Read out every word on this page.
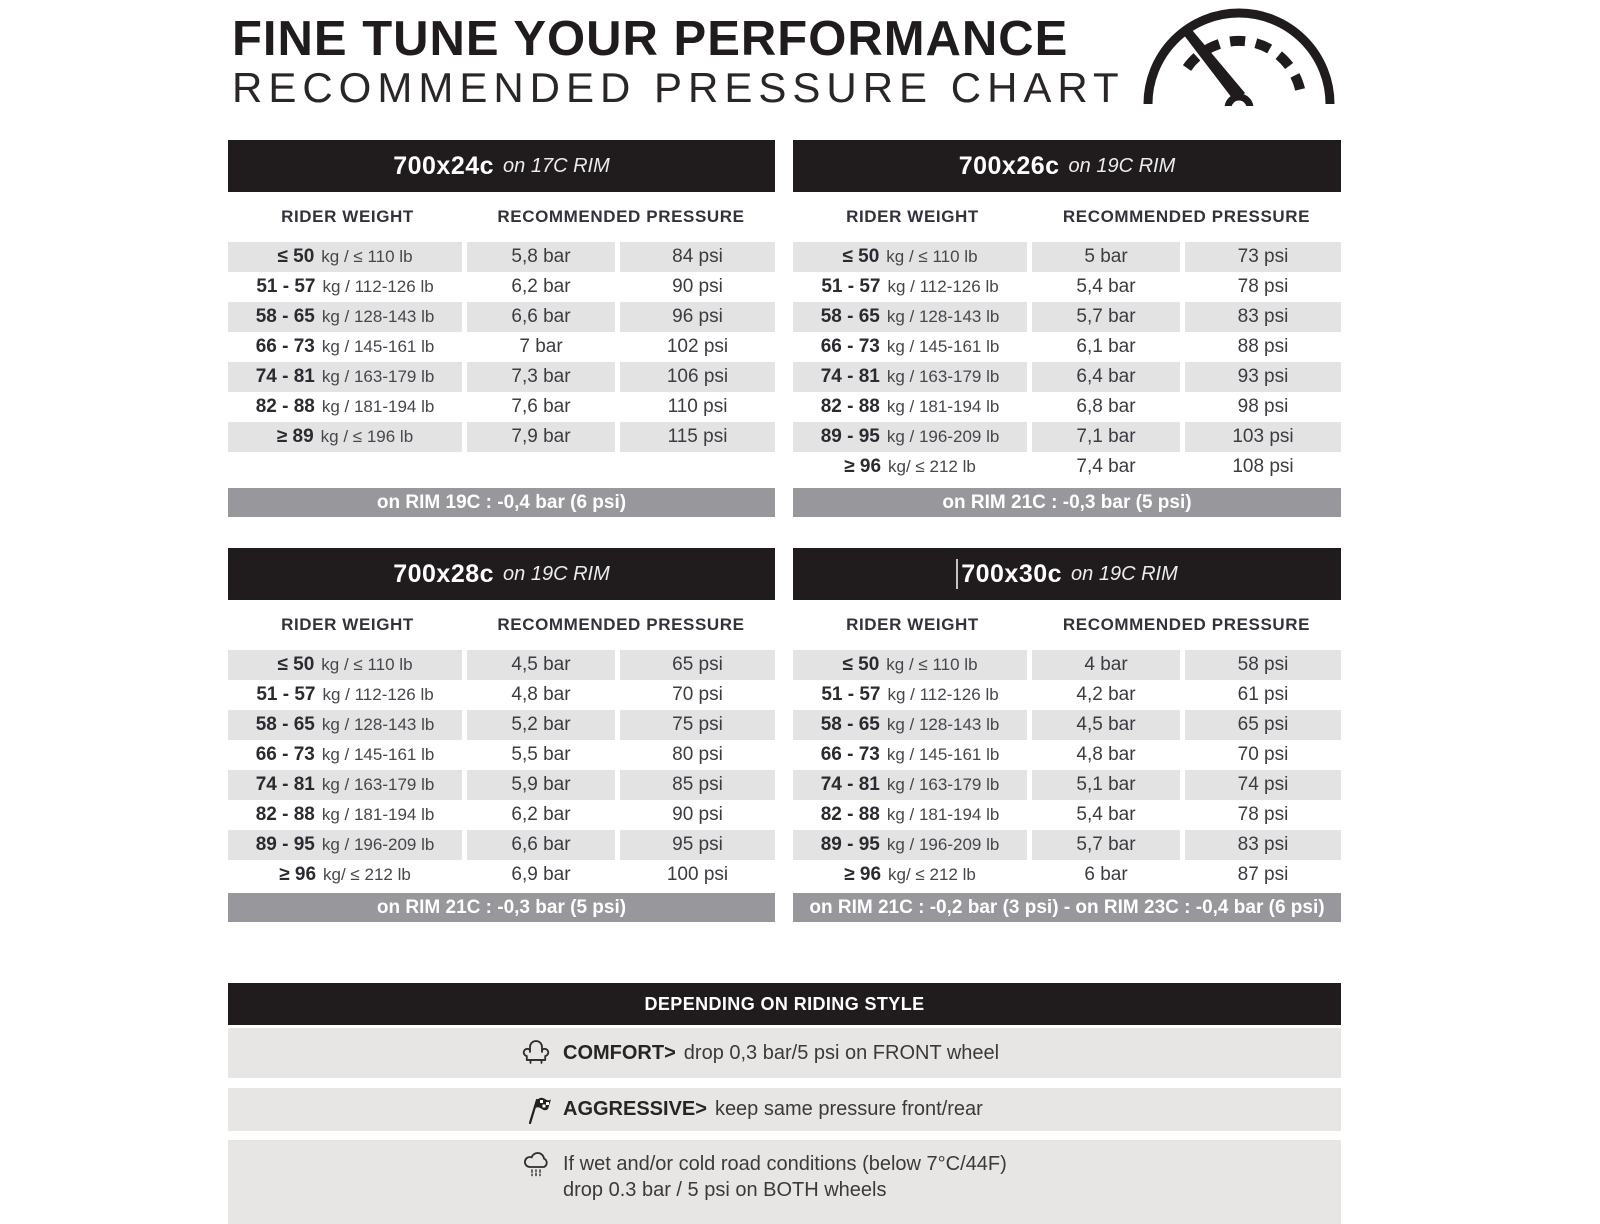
FINE TUNE YOUR PERFORMANCE
RECOMMENDED PRESSURE CHART
700x24c on 17C RIM
RIDER WEIGHT	RECOMMENDED PRESSURE
≤ 50 kg / ≤ 110 lb	5,8 bar	84 psi
51 - 57 kg / 112-126 lb	6,2 bar	90 psi
58 - 65 kg / 128-143 lb	6,6 bar	96 psi
66 - 73 kg / 145-161 lb	7 bar	102 psi
74 - 81 kg / 163-179 lb	7,3 bar	106 psi
82 - 88 kg / 181-194 lb	7,6 bar	110 psi
≥ 89 kg / ≤ 196 lb	7,9 bar	115 psi
on RIM 19C : -0,4 bar (6 psi)
700x26c on 19C RIM
RIDER WEIGHT	RECOMMENDED PRESSURE
≤ 50 kg / ≤ 110 lb	5 bar	73 psi
51 - 57 kg / 112-126 lb	5,4 bar	78 psi
58 - 65 kg / 128-143 lb	5,7 bar	83 psi
66 - 73 kg / 145-161 lb	6,1 bar	88 psi
74 - 81 kg / 163-179 lb	6,4 bar	93 psi
82 - 88 kg / 181-194 lb	6,8 bar	98 psi
89 - 95 kg / 196-209 lb	7,1 bar	103 psi
≥ 96 kg/ ≤ 212 lb	7,4 bar	108 psi
on RIM 21C : -0,3 bar (5 psi)
700x28c on 19C RIM
RIDER WEIGHT	RECOMMENDED PRESSURE
≤ 50 kg / ≤ 110 lb	4,5 bar	65 psi
51 - 57 kg / 112-126 lb	4,8 bar	70 psi
58 - 65 kg / 128-143 lb	5,2 bar	75 psi
66 - 73 kg / 145-161 lb	5,5 bar	80 psi
74 - 81 kg / 163-179 lb	5,9 bar	85 psi
82 - 88 kg / 181-194 lb	6,2 bar	90 psi
89 - 95 kg / 196-209 lb	6,6 bar	95 psi
≥ 96 kg/ ≤ 212 lb	6,9 bar	100 psi
on RIM 21C : -0,3 bar (5 psi)
700x30c on 19C RIM
RIDER WEIGHT	RECOMMENDED PRESSURE
≤ 50 kg / ≤ 110 lb	4 bar	58 psi
51 - 57 kg / 112-126 lb	4,2 bar	61 psi
58 - 65 kg / 128-143 lb	4,5 bar	65 psi
66 - 73 kg / 145-161 lb	4,8 bar	70 psi
74 - 81 kg / 163-179 lb	5,1 bar	74 psi
82 - 88 kg / 181-194 lb	5,4 bar	78 psi
89 - 95 kg / 196-209 lb	5,7 bar	83 psi
≥ 96 kg/ ≤ 212 lb	6 bar	87 psi
on RIM 21C : -0,2 bar (3 psi) - on RIM 23C : -0,4 bar (6 psi)
DEPENDING ON RIDING STYLE
COMFORT> drop 0,3 bar/5 psi on FRONT wheel
AGGRESSIVE> keep same pressure front/rear
If wet and/or cold road conditions (below 7°C/44F)
drop 0.3 bar / 5 psi on BOTH wheels
